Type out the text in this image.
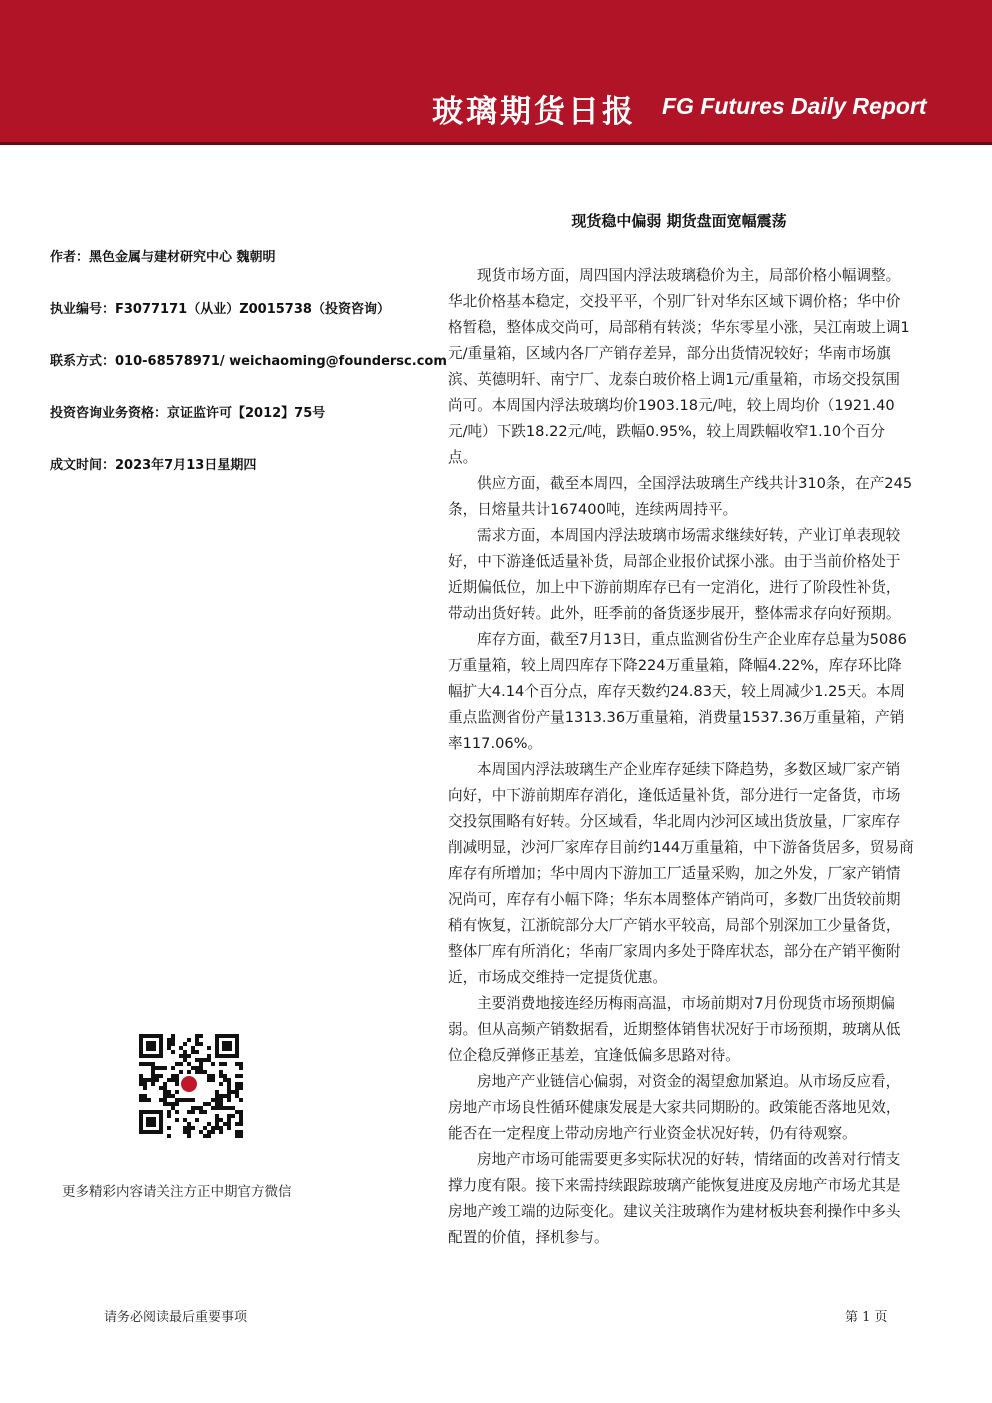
玻璃期货日报 FG Futures Daily Report
现货稳中偏弱 期货盘面宽幅震荡
作者：黑色金属与建材研究中心 魏朝明
执业编号：F3077171（从业）Z0015738（投资咨询）
联系方式：010-68578971/ weichaoming@foundersc.com
投资咨询业务资格：京证监许可【2012】75号
成文时间：2023年7月13日星期四

现货市场方面，周四国内浮法玻璃稳价为主，局部价格小幅调整。华北价格基本稳定，交投平平，个别厂针对华东区域下调价格；华中价格暂稳，整体成交尚可，局部稍有转淡；华东零星小涨，吴江南玻上调1元/重量箱，区域内各厂产销存差异，部分出货情况较好；华南市场旗滨、英德明轩、南宁厂、龙泰白玻价格上调1元/重量箱，市场交投氛围尚可。本周国内浮法玻璃均价1903.18元/吨，较上周均价（1921.40元/吨）下跌18.22元/吨，跌幅0.95%，较上周跌幅收窄1.10个百分点。

供应方面，截至本周四，全国浮法玻璃生产线共计310条，在产245条，日熔量共计167400吨，连续两周持平。

需求方面，本周国内浮法玻璃市场需求继续好转，产业订单表现较好，中下游逢低适量补货，局部企业报价试探小涨。由于当前价格处于近期偏低位，加上中下游前期库存已有一定消化，进行了阶段性补货，带动出货好转。此外，旺季前的备货逐步展开，整体需求存向好预期。

库存方面，截至7月13日，重点监测省份生产企业库存总量为5086万重量箱，较上周四库存下降224万重量箱，降幅4.22%，库存环比降幅扩大4.14个百分点，库存天数约24.83天，较上周减少1.25天。本周重点监测省份产量1313.36万重量箱，消费量1537.36万重量箱，产销率117.06%。

本周国内浮法玻璃生产企业库存延续下降趋势，多数区域厂家产销向好，中下游前期库存消化，逢低适量补货，部分进行一定备货，市场交投氛围略有好转。分区域看，华北周内沙河区域出货放量，厂家库存削减明显，沙河厂家库存目前约144万重量箱，中下游备货居多，贸易商库存有所增加；华中周内下游加工厂适量采购，加之外发，厂家产销情况尚可，库存有小幅下降；华东本周整体产销尚可，多数厂出货较前期稍有恢复，江浙皖部分大厂产销水平较高，局部个别深加工少量备货，整体厂库有所消化；华南厂家周内多处于降库状态，部分在产销平衡附近，市场成交维持一定提货优惠。

主要消费地接连经历梅雨高温，市场前期对7月份现货市场预期偏弱。但从高频产销数据看，近期整体销售状况好于市场预期，玻璃从低位企稳反弹修正基差，宜逢低偏多思路对待。

房地产产业链信心偏弱，对资金的渴望愈加紧迫。从市场反应看，房地产市场良性循环健康发展是大家共同期盼的。政策能否落地见效，能否在一定程度上带动房地产行业资金状况好转，仍有待观察。

房地产市场可能需要更多实际状况的好转，情绪面的改善对行情支撑力度有限。接下来需持续跟踪玻璃产能恢复进度及房地产市场尤其是房地产竣工端的边际变化。建议关注玻璃作为建材板块套利操作中多头配置的价值，择机参与。

更多精彩内容请关注方正中期官方微信
请务必阅读最后重要事项	第 1 页
